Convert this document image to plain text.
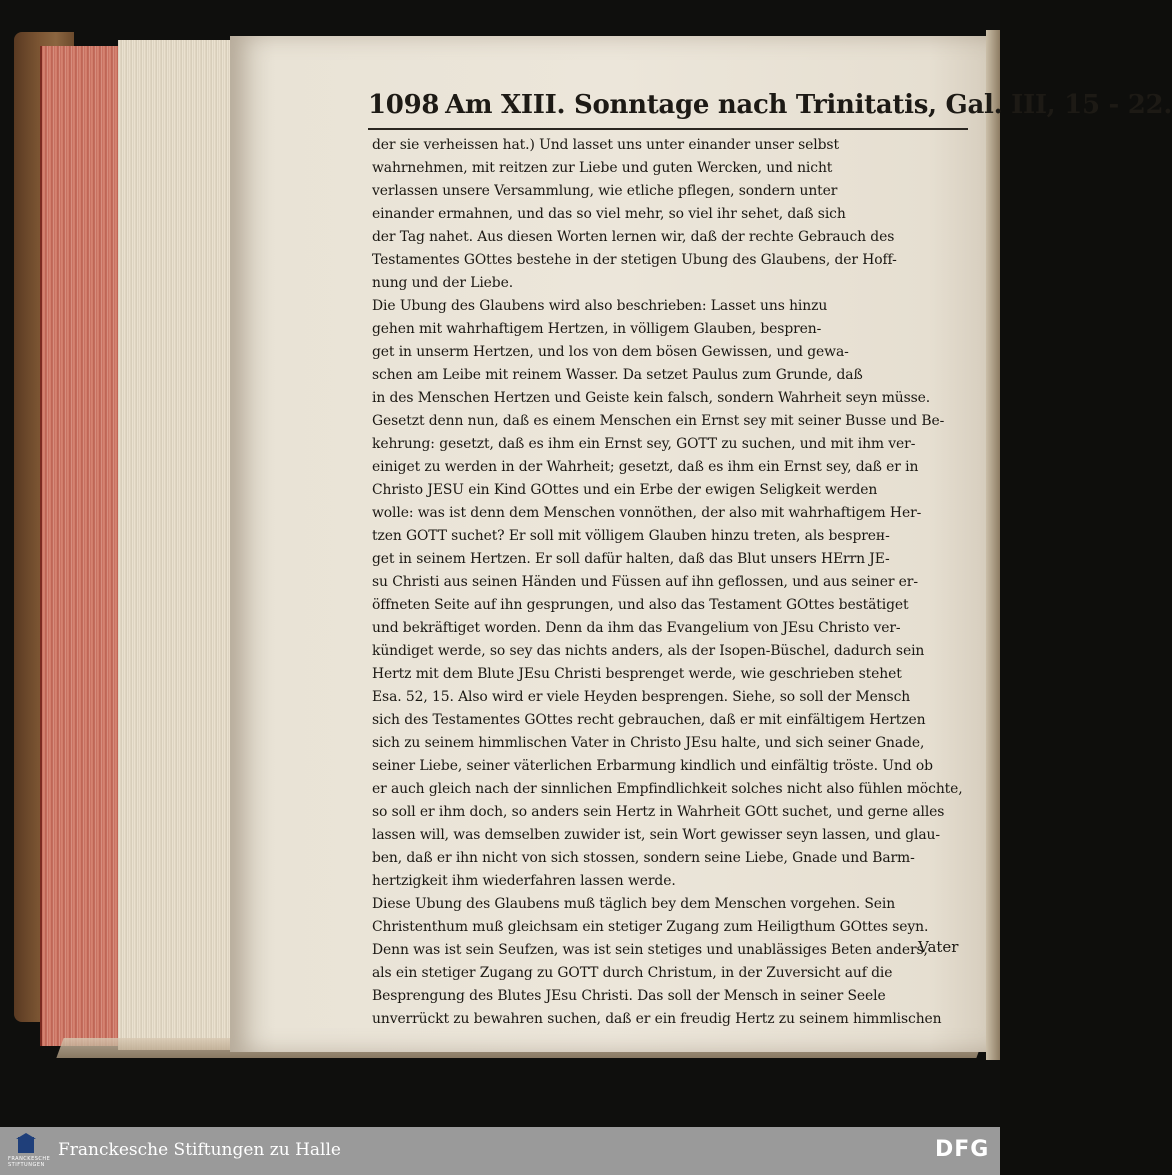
1098 Am XIII. Sonntage nach Trinitatis, Gal. III, 15 - 22.
der sie verheissen hat.) Und lasset uns unter einander unser selbst
wahrnehmen, mit reitzen zur Liebe und guten Wercken, und nicht
verlassen unsere Versammlung, wie etliche pflegen, sondern unter
einander ermahnen, und das so viel mehr, so viel ihr sehet, daß sich
der Tag nahet. Aus diesen Worten lernen wir, daß der rechte Gebrauch des
Testamentes GOttes bestehe in der stetigen Ubung des Glaubens, der Hoff-
nung und der Liebe.
Die Ubung des Glaubens wird also beschrieben: Lasset uns hinzu
gehen mit wahrhaftigem Hertzen, in völligem Glauben, bespren-
get in unserm Hertzen, und los von dem bösen Gewissen, und gewa-
schen am Leibe mit reinem Wasser. Da setzet Paulus zum Grunde, daß
in des Menschen Hertzen und Geiste kein falsch, sondern Wahrheit seyn müsse.
Gesetzt denn nun, daß es einem Menschen ein Ernst sey mit seiner Busse und Be-
kehrung: gesetzt, daß es ihm ein Ernst sey, GOTT zu suchen, und mit ihm ver-
einiget zu werden in der Wahrheit; gesetzt, daß es ihm ein Ernst sey, daß er in
Christo JESU ein Kind GOttes und ein Erbe der ewigen Seligkeit werden
wolle: was ist denn dem Menschen vonnöthen, der also mit wahrhaftigem Her-
tzen GOTT suchet? Er soll mit völligem Glauben hinzu treten, als besprен-
get in seinem Hertzen. Er soll dafür halten, daß das Blut unsers HErrn JE-
su Christi aus seinen Händen und Füssen auf ihn geflossen, und aus seiner er-
öffneten Seite auf ihn gesprungen, und also das Testament GOttes bestätiget
und bekräftiget worden. Denn da ihm das Evangelium von JEsu Christo ver-
kündiget werde, so sey das nichts anders, als der Isopen-Büschel, dadurch sein
Hertz mit dem Blute JEsu Christi besprenget werde, wie geschrieben stehet
Esa. 52, 15. Also wird er viele Heyden besprengen. Siehe, so soll der Mensch
sich des Testamentes GOttes recht gebrauchen, daß er mit einfältigem Hertzen
sich zu seinem himmlischen Vater in Christo JEsu halte, und sich seiner Gnade,
seiner Liebe, seiner väterlichen Erbarmung kindlich und einfältig tröste. Und ob
er auch gleich nach der sinnlichen Empfindlichkeit solches nicht also fühlen möchte,
so soll er ihm doch, so anders sein Hertz in Wahrheit GOtt suchet, und gerne alles
lassen will, was demselben zuwider ist, sein Wort gewisser seyn lassen, und glau-
ben, daß er ihn nicht von sich stossen, sondern seine Liebe, Gnade und Barm-
hertzigkeit ihm wiederfahren lassen werde.
Diese Ubung des Glaubens muß täglich bey dem Menschen vorgehen. Sein
Christenthum muß gleichsam ein stetiger Zugang zum Heiligthum GOttes seyn.
Denn was ist sein Seufzen, was ist sein stetiges und unablässiges Beten anders,
als ein stetiger Zugang zu GOTT durch Christum, in der Zuversicht auf die
Besprengung des Blutes JEsu Christi. Das soll der Mensch in seiner Seele
unverrückt zu bewahren suchen, daß er ein freudig Hertz zu seinem himmlischen
Vater
FRANCKESCHE
STIFTUNGEN
Franckesche Stiftungen zu Halle	DFG
